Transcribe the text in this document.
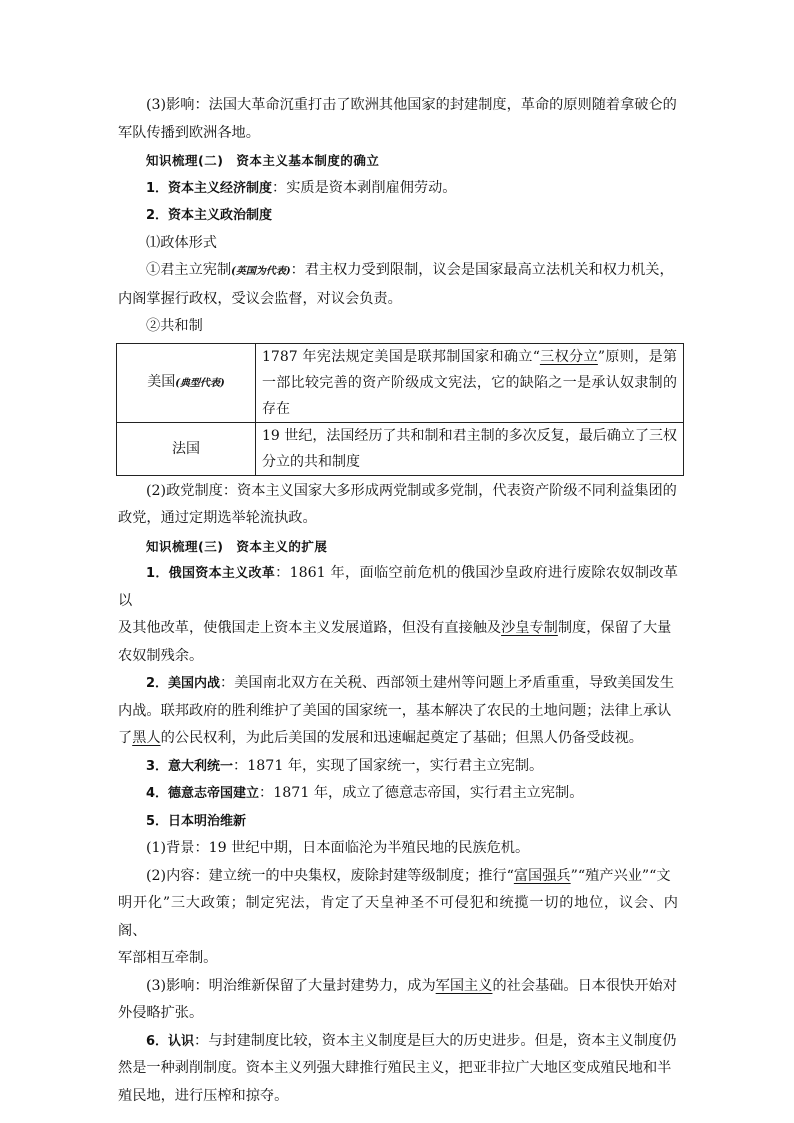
(3)影响：法国大革命沉重打击了欧洲其他国家的封建制度，革命的原则随着拿破仑的

军队传播到欧洲各地。

知识梳理(二)　资本主义基本制度的确立

1．资本主义经济制度：实质是资本剥削雇佣劳动。

2．资本主义政治制度

⑴政体形式

①君主立宪制(英国为代表)：君主权力受到限制，议会是国家最高立法机关和权力机关，

内阁掌握行政权，受议会监督，对议会负责。

②共和制

美国(典型代表)	1787 年宪法规定美国是联邦制国家和确立“三权分立”原则，是第一部比较完善的资产阶级成文宪法，它的缺陷之一是承认奴隶制的存在
法国	19 世纪，法国经历了共和制和君主制的多次反复，最后确立了三权分立的共和制度

(2)政党制度：资本主义国家大多形成两党制或多党制，代表资产阶级不同利益集团的

政党，通过定期选举轮流执政。

知识梳理(三)　资本主义的扩展

1．俄国资本主义改革：1861 年，面临空前危机的俄国沙皇政府进行废除农奴制改革以

及其他改革，使俄国走上资本主义发展道路，但没有直接触及沙皇专制制度，保留了大量

农奴制残余。

2．美国内战：美国南北双方在关税、西部领土建州等问题上矛盾重重，导致美国发生

内战。联邦政府的胜利维护了美国的国家统一，基本解决了农民的土地问题；法律上承认

了黑人的公民权利，为此后美国的发展和迅速崛起奠定了基础；但黑人仍备受歧视。

3．意大利统一：1871 年，实现了国家统一，实行君主立宪制。

4．德意志帝国建立：1871 年，成立了德意志帝国，实行君主立宪制。

5．日本明治维新

(1)背景：19 世纪中期，日本面临沦为半殖民地的民族危机。

(2)内容：建立统一的中央集权，废除封建等级制度；推行“富国强兵”“殖产兴业”“文

明开化”三大政策；制定宪法，肯定了天皇神圣不可侵犯和统揽一切的地位，议会、内阁、

军部相互牵制。

(3)影响：明治维新保留了大量封建势力，成为军国主义的社会基础。日本很快开始对

外侵略扩张。

6．认识：与封建制度比较，资本主义制度是巨大的历史进步。但是，资本主义制度仍

然是一种剥削制度。资本主义列强大肆推行殖民主义，把亚非拉广大地区变成殖民地和半

殖民地，进行压榨和掠夺。
